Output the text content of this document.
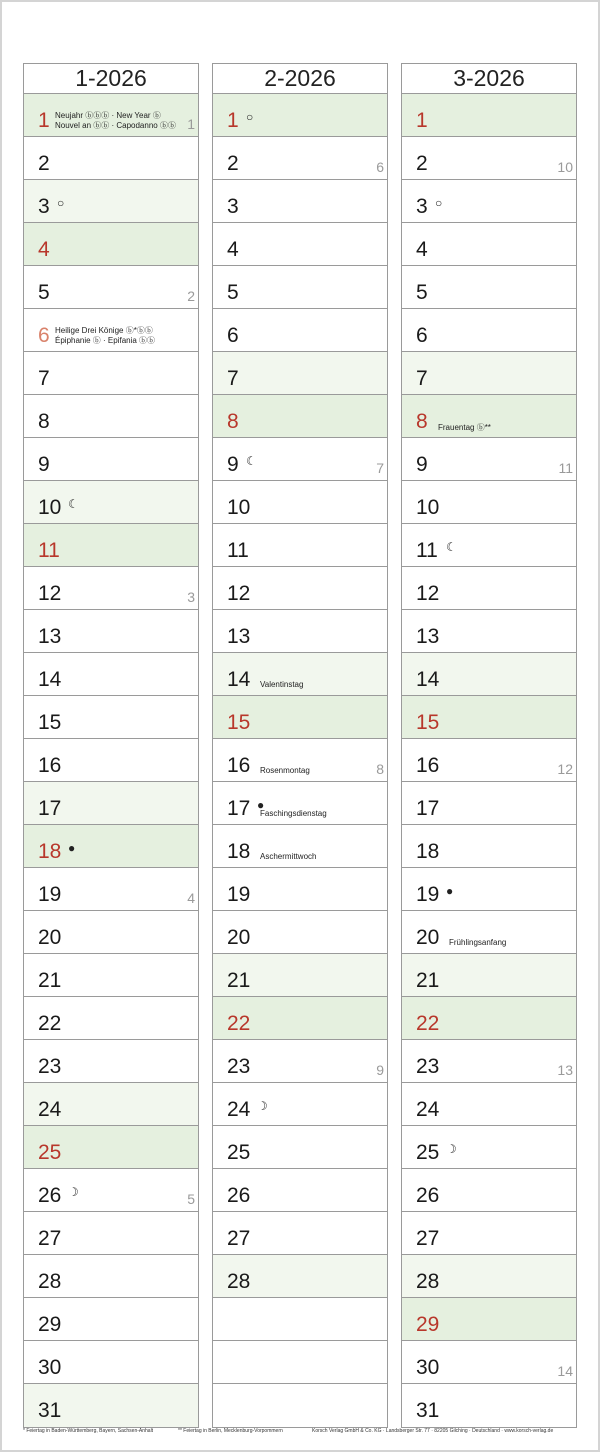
1-2026
1 Neujahr ⓑⓑⓑ · New Year ⓑ
Nouvel an ⓑⓑ · Capodanno ⓑⓑ 1
2
3 ○
4
5	2
6 Heilige Drei Könige ⓑ*ⓑⓑ
Épiphanie ⓑ · Epifania ⓑⓑ
7
8
9
10 ☾
11
12	3
13
14
15
16
17
18 ●
19	4
20
21
22
23
24
25
26 ☽	5
27
28
29
30
31
2-2026
1 ○
2	6
3
4
5
6
7
8
9 ☾	7
10
11
12
13
14 Valentinstag
15
16 Rosenmontag	8
17 ●
Faschingsdienstag
18 Aschermittwoch
19
20
21
22
23	9
24 ☽
25
26
27
28
3-2026
1
2	10
3 ○
4
5
6
7
8 Frauentag ⓑ**
9	11
10
11 ☾
12
13
14
15
16	12
17
18
19 ●
20 Frühlingsanfang
21
22
23	13
24
25 ☽
26
27
28
29
30	14
31
* Feiertag in Baden-Württemberg, Bayern, Sachsen-Anhalt	** Feiertag in Berlin, Mecklenburg-Vorpommern	Korsch Verlag GmbH & Co. KG · Landsberger Str. 77 · 82205 Gilching · Deutschland · www.korsch-verlag.de
